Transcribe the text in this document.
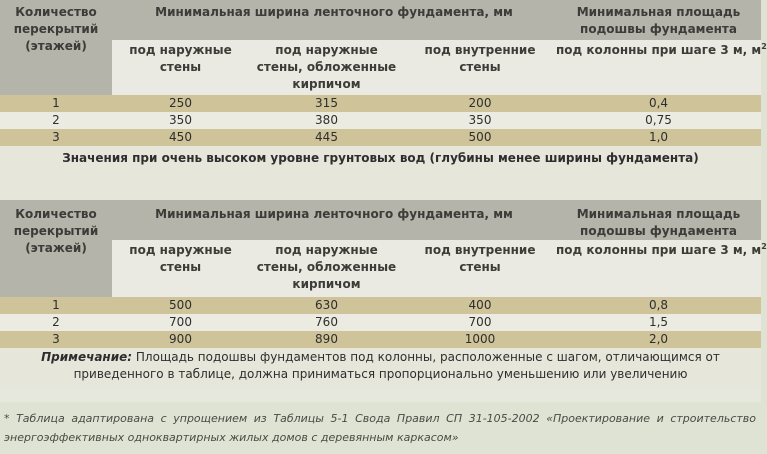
Количество перекрытий (этажей)	Минимальная ширина ленточного фундамента, мм			Минимальная площадь подошвы фундамента

	под наружные стены	под наружные стены, обложенные кирпичом	под внутренние стены	под колонны при шаге 3 м, $м^2$
1	250	315	200	0,4
2	350	380	350	0,75
3	450	445	500	1,0
Значения при очень высоком уровне грунтовых вод (глубины менее ширины фундамента)				
Количество перекрытий (этажей)	Минимальная ширина ленточного фундамента, мм			Минимальная площадь подошвы фундамента

	под наружные стены	под наружные стены, обложенные кирпичом	под внутренние стены	под колонны при шаге 3 м, $м^2$
1	500	630	400	0,8
2	700	760	700	1,5
3	900	890	1000	2,0
Примечание: Площадь подошвы фундаментов под колонны, расположенные с шагом, отличающимся от приведенного в таблице, должна приниматься пропорционально уменьшению или увеличению				
* Таблица адаптирована с упрощением из Таблицы 5-1 Свода Правил СП 31-105-2002 «Проектирование и строительство
энергоэффективных одноквартирных жилых домов с деревянным каркасом»
